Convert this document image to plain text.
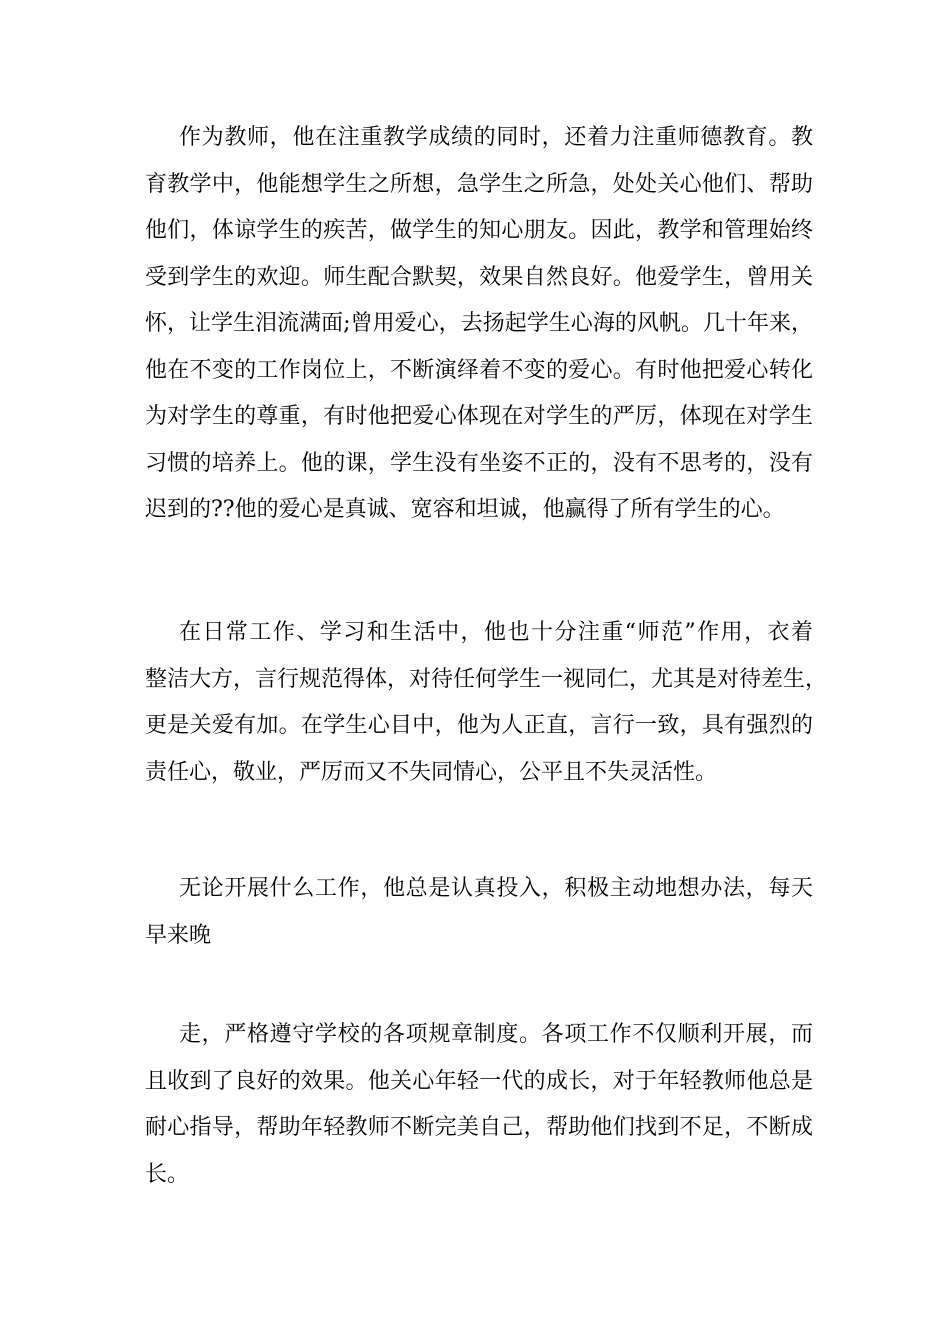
作为教师，他在注重教学成绩的同时，还着力注重师德教育。教
育教学中，他能想学生之所想，急学生之所急，处处关心他们、帮助
他们，体谅学生的疾苦，做学生的知心朋友。因此，教学和管理始终
受到学生的欢迎。师生配合默契，效果自然良好。他爱学生，曾用关
怀，让学生泪流满面;曾用爱心，去扬起学生心海的风帆。几十年来，
他在不变的工作岗位上，不断演绎着不变的爱心。有时他把爱心转化
为对学生的尊重，有时他把爱心体现在对学生的严厉，体现在对学生
习惯的培养上。他的课，学生没有坐姿不正的，没有不思考的，没有
迟到的??他的爱心是真诚、宽容和坦诚，他赢得了所有学生的心。

在日常工作、学习和生活中，他也十分注重“师范”作用，衣着
整洁大方，言行规范得体，对待任何学生一视同仁，尤其是对待差生，
更是关爱有加。在学生心目中，他为人正直，言行一致，具有强烈的
责任心，敬业，严厉而又不失同情心，公平且不失灵活性。

无论开展什么工作，他总是认真投入，积极主动地想办法，每天
早来晚

走，严格遵守学校的各项规章制度。各项工作不仅顺利开展，而
且收到了良好的效果。他关心年轻一代的成长，对于年轻教师他总是
耐心指导，帮助年轻教师不断完美自己，帮助他们找到不足，不断成
长。
